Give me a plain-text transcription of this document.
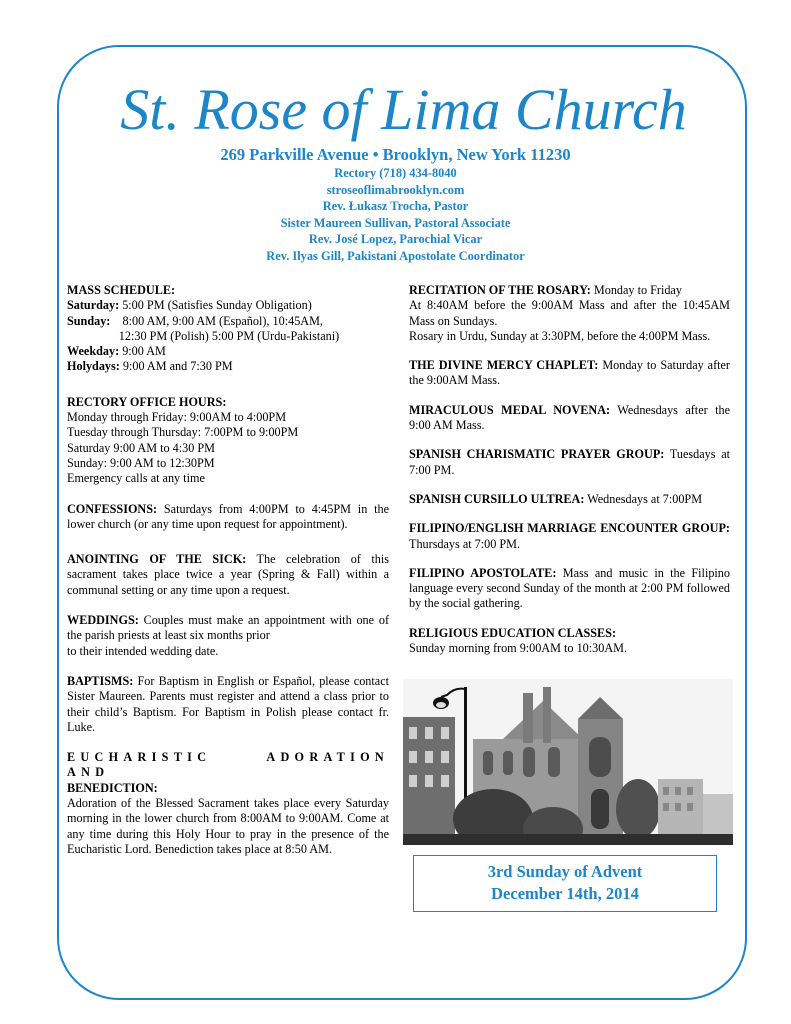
St. Rose of Lima Church
269 Parkville Avenue • Brooklyn, New York 11230
Rectory (718) 434-8040
stroseoflimabrooklyn.com
Rev. Łukasz Trocha, Pastor
Sister Maureen Sullivan, Pastoral Associate
Rev. José Lopez, Parochial Vicar
Rev. Ilyas Gill, Pakistani Apostolate Coordinator

MASS SCHEDULE:

Saturday: 5:00 PM (Satisfies Sunday Obligation)

Sunday:    8:00 AM, 9:00 AM (Español), 10:45AM,

12:30 PM (Polish) 5:00 PM (Urdu-Pakistani)

Weekday: 9:00 AM

Holydays: 9:00 AM and 7:30 PM

RECTORY OFFICE HOURS:

Monday through Friday: 9:00AM to 4:00PM

Tuesday through Thursday: 7:00PM to 9:00PM

Saturday 9:00 AM to 4:30 PM

Sunday: 9:00 AM to 12:30PM

Emergency calls at any time

CONFESSIONS: Saturdays from 4:00PM to 4:45PM in the lower church (or any time upon request for appointment).

ANOINTING OF THE SICK: The celebration of this sacrament takes place twice a year (Spring & Fall) within a communal setting or any time upon a request.

WEDDINGS: Couples must make an appointment with one of the parish priests at least six months prior

to their intended wedding date.

BAPTISMS: For Baptism in English or Español, please contact Sister Maureen. Parents must register and attend a class prior to their child’s Baptism. For Baptism in Polish please contact fr. Luke.

EUCHARISTIC ADORATION AND

BENEDICTION:

Adoration of the Blessed Sacrament takes place every Saturday morning in the lower church from 8:00AM to 9:00AM. Come at any time during this Holy Hour to pray in the presence of the Eucharistic Lord. Benediction takes place at 8:50 AM.

RECITATION OF THE ROSARY: Monday to Friday

At 8:40AM before the 9:00AM Mass and after the 10:45AM Mass on Sundays.

Rosary in Urdu, Sunday at 3:30PM, before the 4:00PM Mass.

THE DIVINE MERCY CHAPLET: Monday to Saturday after the 9:00AM Mass.

MIRACULOUS MEDAL NOVENA: Wednesdays after the 9:00 AM Mass.

SPANISH CHARISMATIC PRAYER GROUP: Tuesdays at 7:00 PM.

SPANISH CURSILLO ULTREA: Wednesdays at 7:00PM

FILIPINO/ENGLISH MARRIAGE ENCOUNTER GROUP: Thursdays at 7:00 PM.

FILIPINO APOSTOLATE: Mass and music in the Filipino language every second Sunday of the month at 2:00 PM followed by the social gathering.

RELIGIOUS EDUCATION CLASSES:

Sunday morning from 9:00AM to 10:30AM.

3rd Sunday of Advent
December 14th, 2014
